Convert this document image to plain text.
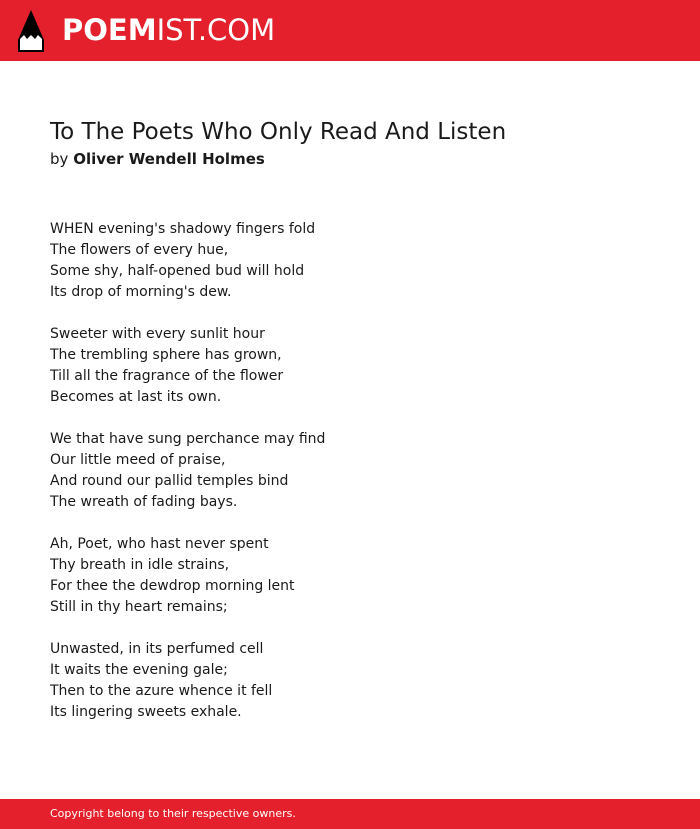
POEMIST.COM
To The Poets Who Only Read And Listen
by Oliver Wendell Holmes
WHEN evening's shadowy fingers fold
The flowers of every hue,
Some shy, half-opened bud will hold
Its drop of morning's dew.
Sweeter with every sunlit hour
The trembling sphere has grown,
Till all the fragrance of the flower
Becomes at last its own.
We that have sung perchance may find
Our little meed of praise,
And round our pallid temples bind
The wreath of fading bays.
Ah, Poet, who hast never spent
Thy breath in idle strains,
For thee the dewdrop morning lent
Still in thy heart remains;
Unwasted, in its perfumed cell
It waits the evening gale;
Then to the azure whence it fell
Its lingering sweets exhale.
Copyright belong to their respective owners.
